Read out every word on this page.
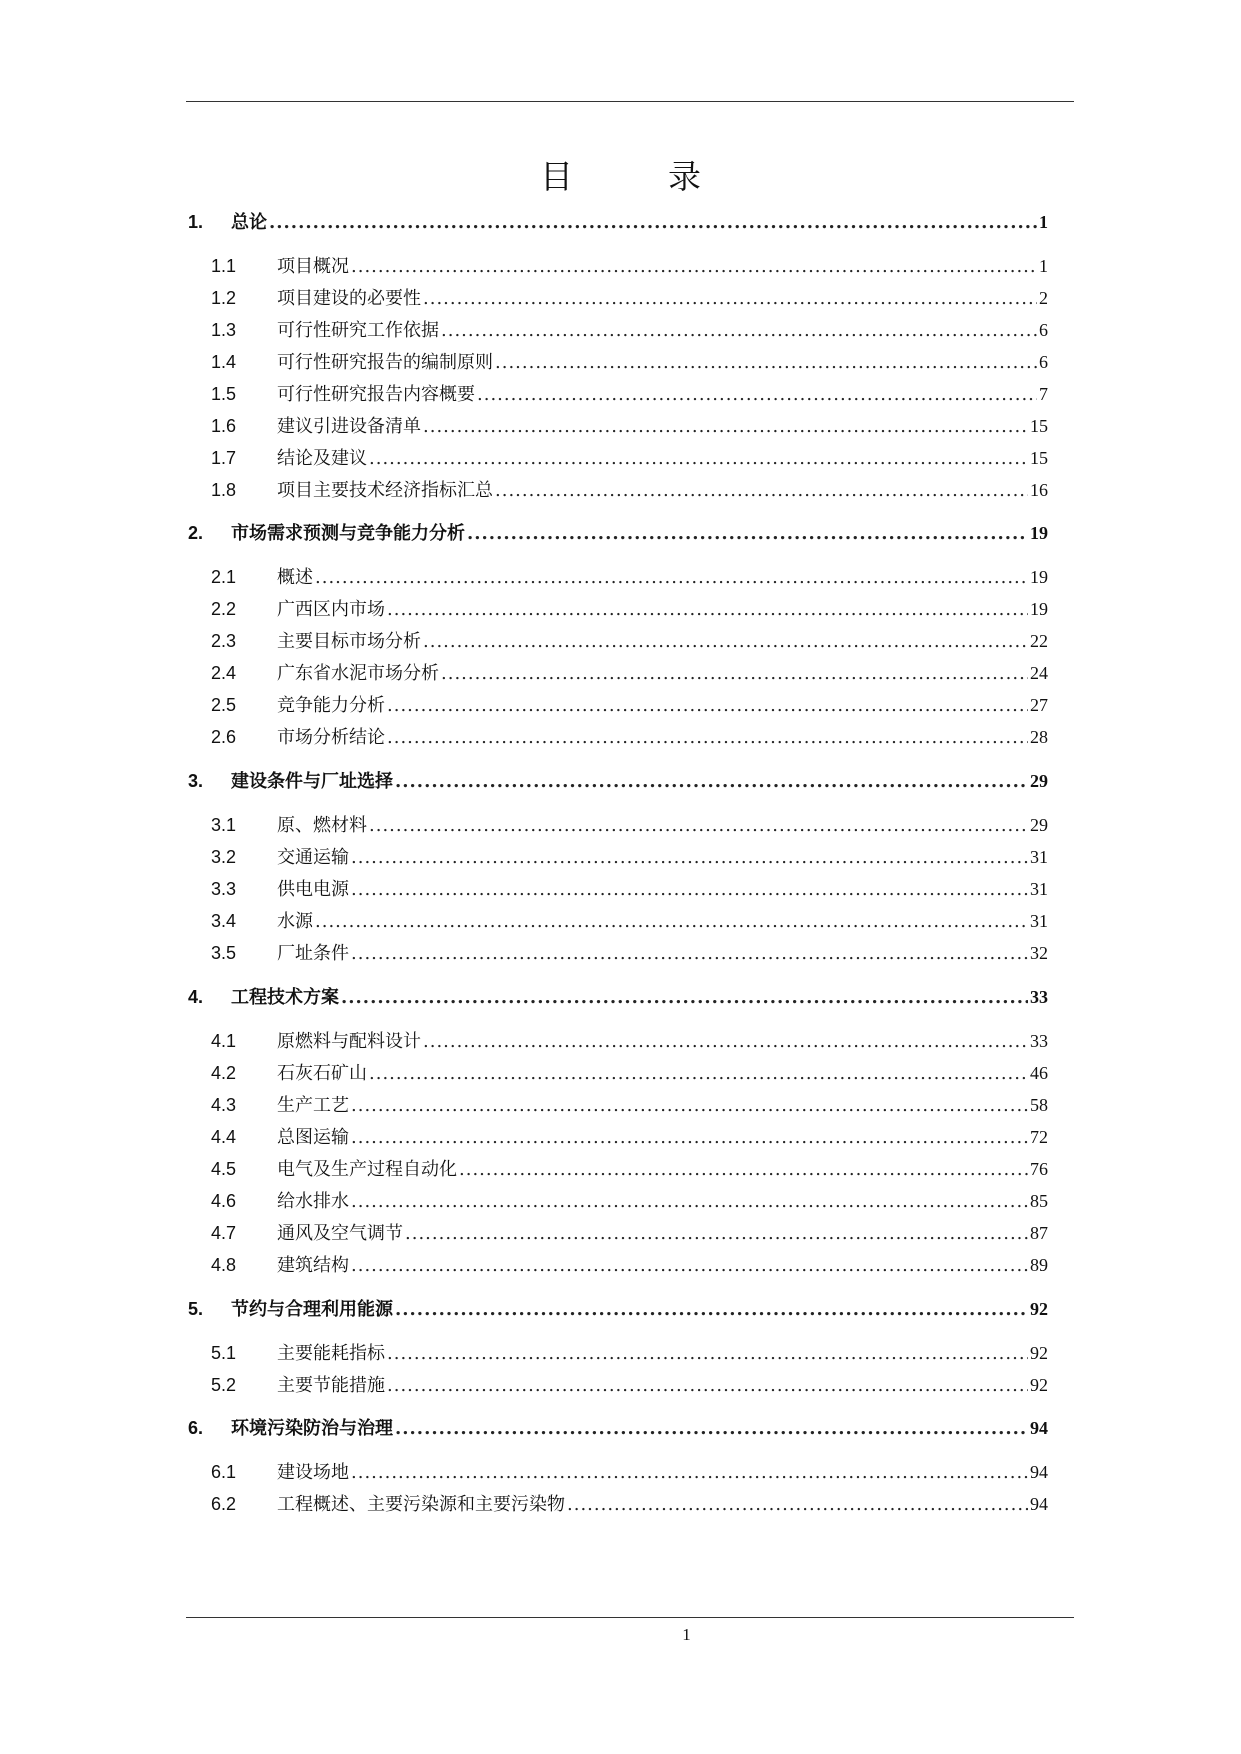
目	录
1.	总论 .....	1
1.1	项目概况 .....	1
1.2	项目建设的必要性 .....	2
1.3	可行性研究工作依据 .....	6
1.4	可行性研究报告的编制原则 .....	6
1.5	可行性研究报告内容概要 .....	7
1.6	建议引进设备清单 .....	15
1.7	结论及建议 .....	15
1.8	项目主要技术经济指标汇总 .....	16
2.	市场需求预测与竞争能力分析 .....	19
2.1	概述 .....	19
2.2	广西区内市场 .....	19
2.3	主要目标市场分析 .....	22
2.4	广东省水泥市场分析 .....	24
2.5	竞争能力分析 .....	27
2.6	市场分析结论 .....	28
3.	建设条件与厂址选择 .....	29
3.1	原、燃材料 .....	29
3.2	交通运输 .....	31
3.3	供电电源 .....	31
3.4	水源 .....	31
3.5	厂址条件 .....	32
4.	工程技术方案 .....	33
4.1	原燃料与配料设计 .....	33
4.2	石灰石矿山 .....	46
4.3	生产工艺 .....	58
4.4	总图运输 .....	72
4.5	电气及生产过程自动化 .....	76
4.6	给水排水 .....	85
4.7	通风及空气调节 .....	87
4.8	建筑结构 .....	89
5.	节约与合理利用能源 .....	92
5.1	主要能耗指标 .....	92
5.2	主要节能措施 .....	92
6.	环境污染防治与治理 .....	94
6.1	建设场地 .....	94
6.2	工程概述、主要污染源和主要污染物 .....	94
1
